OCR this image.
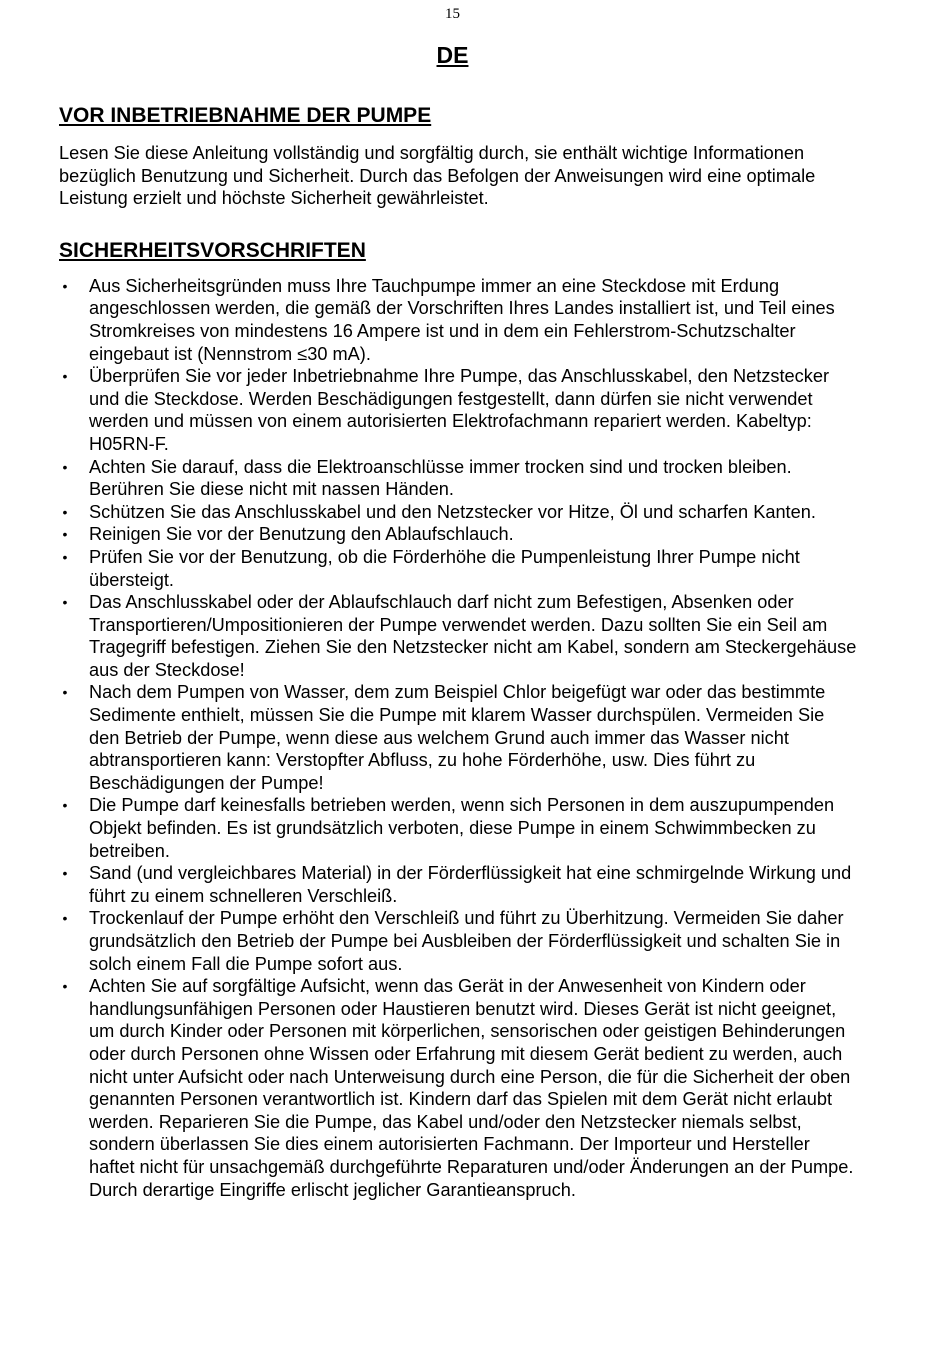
15
DE
VOR INBETRIEBNAHME DER PUMPE

Lesen Sie diese Anleitung vollständig und sorgfältig durch, sie enthält wichtige Informationen bezüglich Benutzung und Sicherheit. Durch das Befolgen der Anweisungen wird eine optimale Leistung erzielt und höchste Sicherheit gewährleistet.

SICHERHEITSVORSCHRIFTEN
• Aus Sicherheitsgründen muss Ihre Tauchpumpe immer an eine Steckdose mit Erdung angeschlossen werden, die gemäß der Vorschriften Ihres Landes installiert ist, und Teil eines Stromkreises von mindestens 16 Ampere ist und in dem ein Fehlerstrom-Schutzschalter eingebaut ist (Nennstrom ≤30 mA).
• Überprüfen Sie vor jeder Inbetriebnahme Ihre Pumpe, das Anschlusskabel, den Netzstecker und die Steckdose. Werden Beschädigungen festgestellt, dann dürfen sie nicht verwendet werden und müssen von einem autorisierten Elektrofachmann repariert werden. Kabeltyp: H05RN-F.
• Achten Sie darauf, dass die Elektroanschlüsse immer trocken sind und trocken bleiben. Berühren Sie diese nicht mit nassen Händen.
• Schützen Sie das Anschlusskabel und den Netzstecker vor Hitze, Öl und scharfen Kanten.
• Reinigen Sie vor der Benutzung den Ablaufschlauch.
• Prüfen Sie vor der Benutzung, ob die Förderhöhe die Pumpenleistung Ihrer Pumpe nicht übersteigt.
• Das Anschlusskabel oder der Ablaufschlauch darf nicht zum Befestigen, Absenken oder Transportieren/Umpositionieren der Pumpe verwendet werden. Dazu sollten Sie ein Seil am Tragegriff befestigen. Ziehen Sie den Netzstecker nicht am Kabel, sondern am Steckergehäuse aus der Steckdose!
• Nach dem Pumpen von Wasser, dem zum Beispiel Chlor beigefügt war oder das bestimmte Sedimente enthielt, müssen Sie die Pumpe mit klarem Wasser durchspülen. Vermeiden Sie den Betrieb der Pumpe, wenn diese aus welchem Grund auch immer das Wasser nicht abtransportieren kann: Verstopfter Abfluss, zu hohe Förderhöhe, usw. Dies führt zu Beschädigungen der Pumpe!
• Die Pumpe darf keinesfalls betrieben werden, wenn sich Personen in dem auszupumpenden Objekt befinden. Es ist grundsätzlich verboten, diese Pumpe in einem Schwimmbecken zu betreiben.
• Sand (und vergleichbares Material) in der Förderflüssigkeit hat eine schmirgelnde Wirkung und führt zu einem schnelleren Verschleiß.
• Trockenlauf der Pumpe erhöht den Verschleiß und führt zu Überhitzung. Vermeiden Sie daher grundsätzlich den Betrieb der Pumpe bei Ausbleiben der Förderflüssigkeit und schalten Sie in solch einem Fall die Pumpe sofort aus.
• Achten Sie auf sorgfältige Aufsicht, wenn das Gerät in der Anwesenheit von Kindern oder handlungsunfähigen Personen oder Haustieren benutzt wird. Dieses Gerät ist nicht geeignet, um durch Kinder oder Personen mit körperlichen, sensorischen oder geistigen Behinderungen oder durch Personen ohne Wissen oder Erfahrung mit diesem Gerät bedient zu werden, auch nicht unter Aufsicht oder nach Unterweisung durch eine Person, die für die Sicherheit der oben genannten Personen verantwortlich ist. Kindern darf das Spielen mit dem Gerät nicht erlaubt werden. Reparieren Sie die Pumpe, das Kabel und/oder den Netzstecker niemals selbst, sondern überlassen Sie dies einem autorisierten Fachmann. Der Importeur und Hersteller haftet nicht für unsachgemäß durchgeführte Reparaturen und/oder Änderungen an der Pumpe. Durch derartige Eingriffe erlischt jeglicher Garantieanspruch.
